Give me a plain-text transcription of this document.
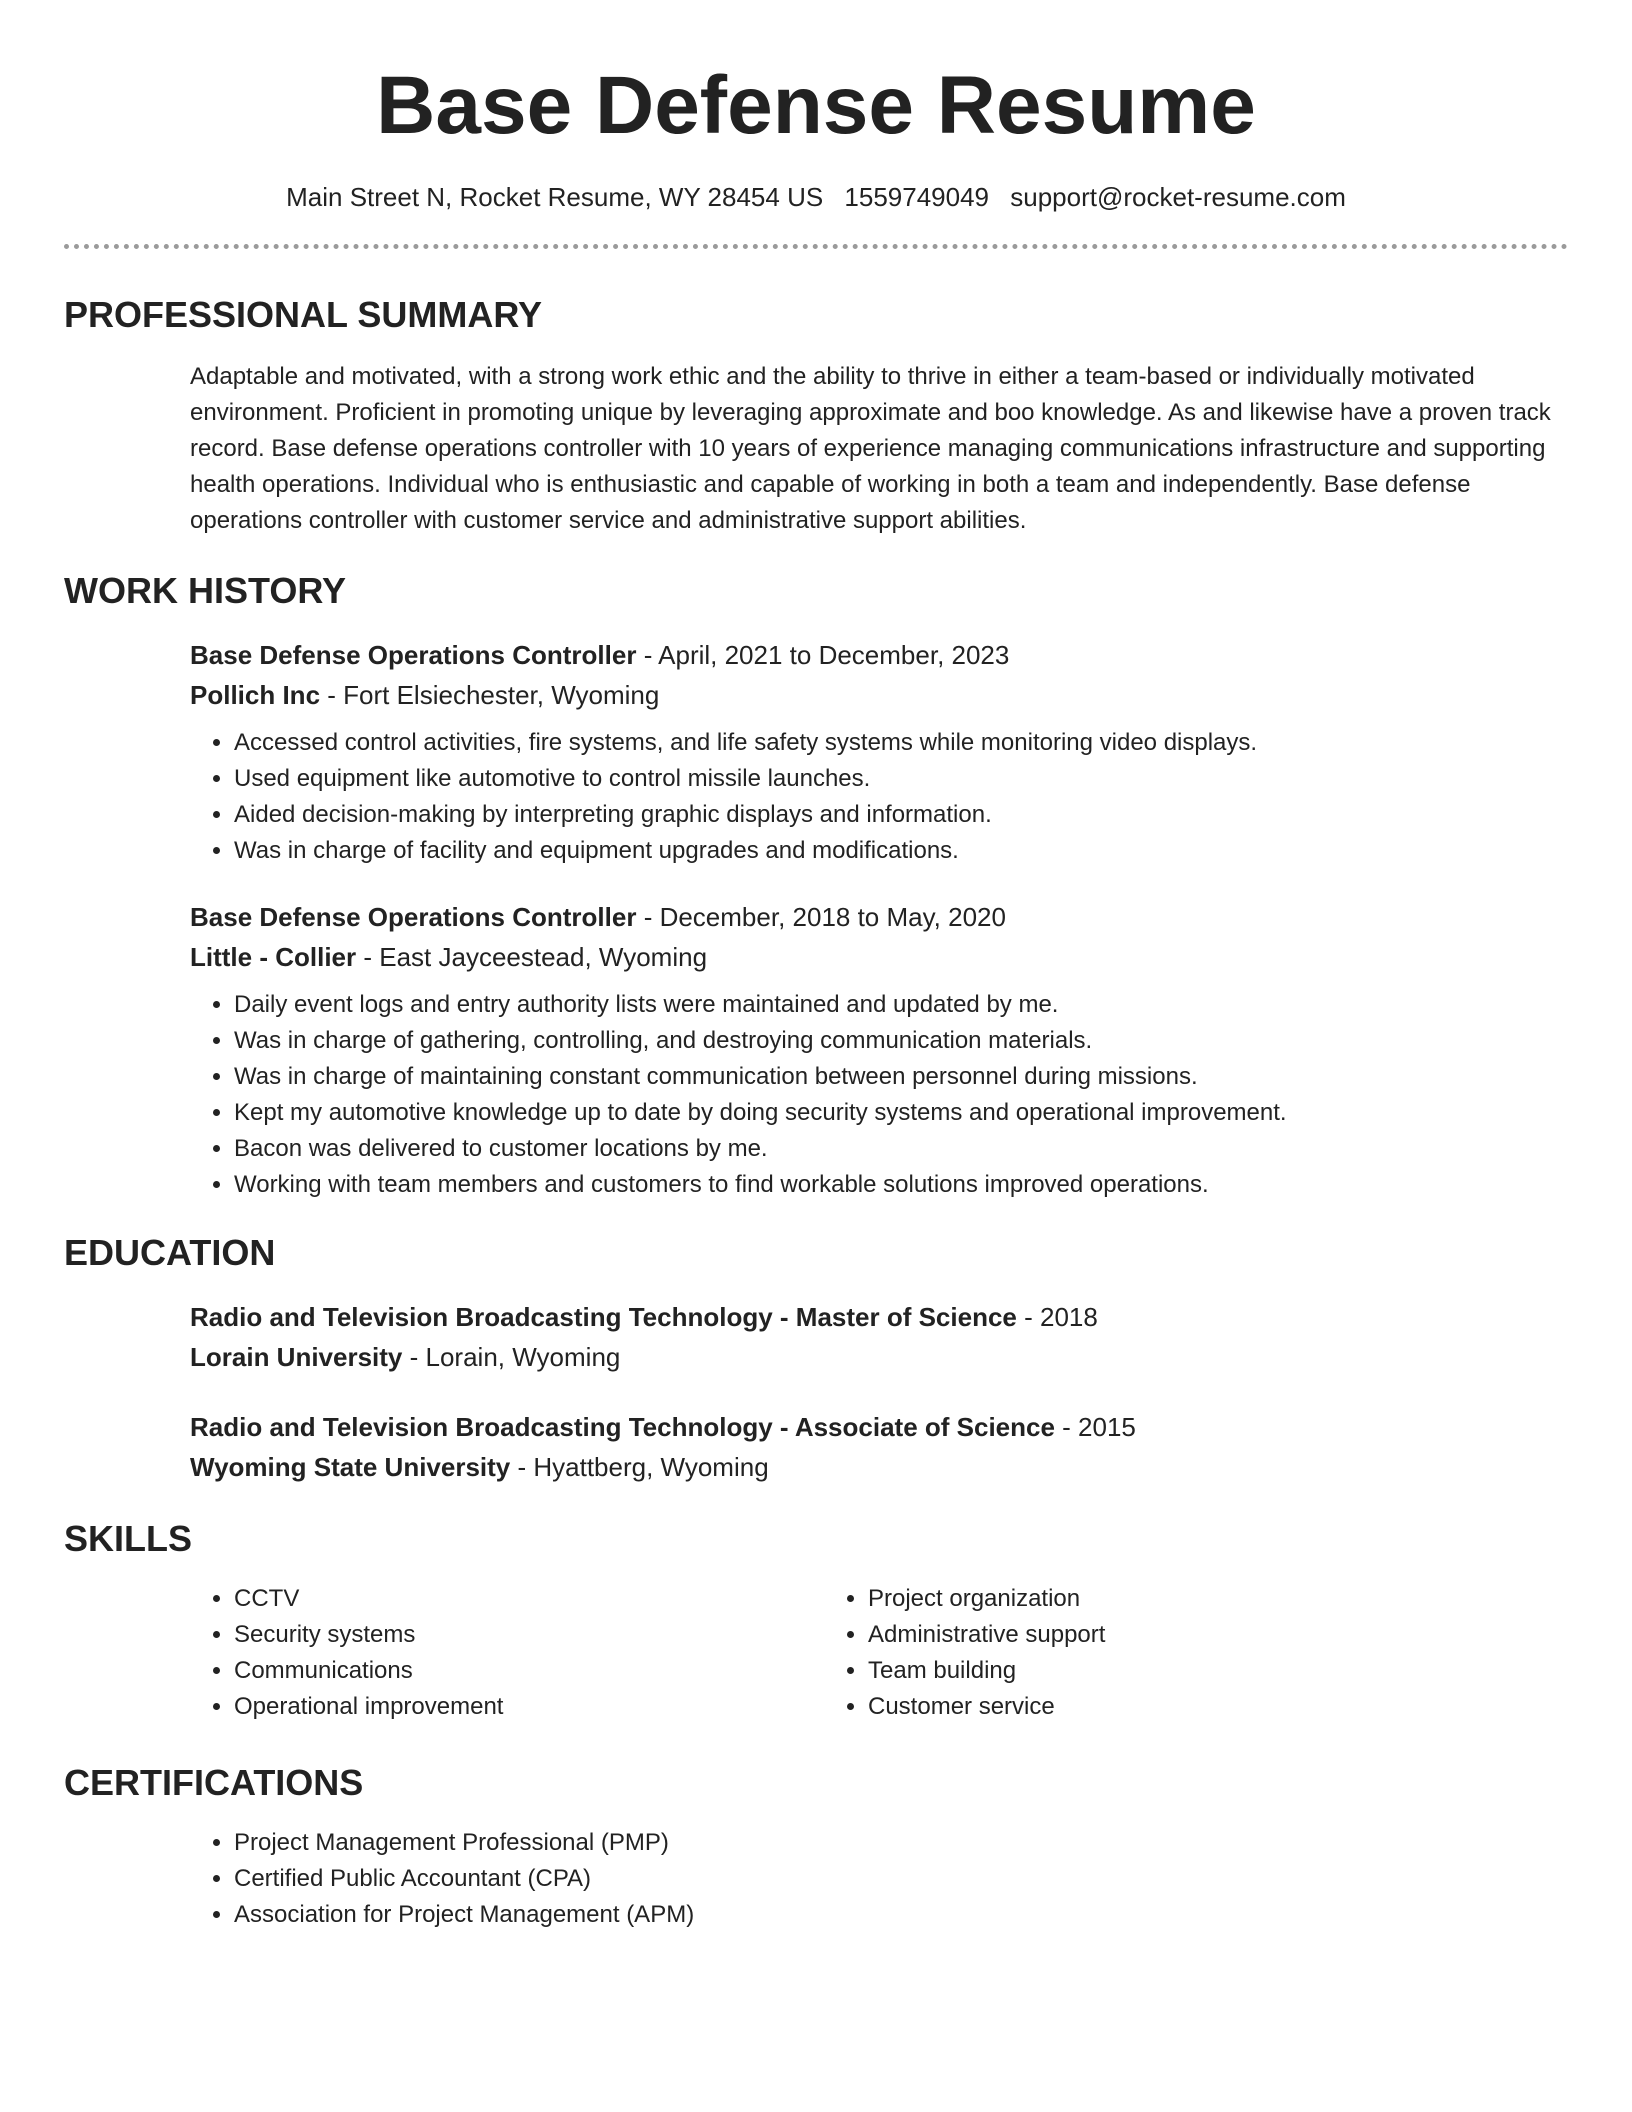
Base Defense Resume
Main Street N, Rocket Resume, WY 28454 US 1559749049 support@rocket-resume.com
PROFESSIONAL SUMMARY

Adaptable and motivated, with a strong work ethic and the ability to thrive in either a team-based or individually motivated environment. Proficient in promoting unique by leveraging approximate and boo knowledge. As and likewise have a proven track record. Base defense operations controller with 10 years of experience managing communications infrastructure and supporting health operations. Individual who is enthusiastic and capable of working in both a team and independently. Base defense operations controller with customer service and administrative support abilities.

WORK HISTORY
Base Defense Operations Controller - April, 2021 to December, 2023
Pollich Inc - Fort Elsiechester, Wyoming
• Accessed control activities, fire systems, and life safety systems while monitoring video displays.
• Used equipment like automotive to control missile launches.
• Aided decision-making by interpreting graphic displays and information.
• Was in charge of facility and equipment upgrades and modifications.
Base Defense Operations Controller - December, 2018 to May, 2020
Little - Collier - East Jayceestead, Wyoming
• Daily event logs and entry authority lists were maintained and updated by me.
• Was in charge of gathering, controlling, and destroying communication materials.
• Was in charge of maintaining constant communication between personnel during missions.
• Kept my automotive knowledge up to date by doing security systems and operational improvement.
• Bacon was delivered to customer locations by me.
• Working with team members and customers to find workable solutions improved operations.
EDUCATION
Radio and Television Broadcasting Technology - Master of Science - 2018
Lorain University - Lorain, Wyoming
Radio and Television Broadcasting Technology - Associate of Science - 2015
Wyoming State University - Hyattberg, Wyoming
SKILLS
• CCTV
• Security systems
• Communications
• Operational improvement
• Project organization
• Administrative support
• Team building
• Customer service
CERTIFICATIONS
• Project Management Professional (PMP)
• Certified Public Accountant (CPA)
• Association for Project Management (APM)
